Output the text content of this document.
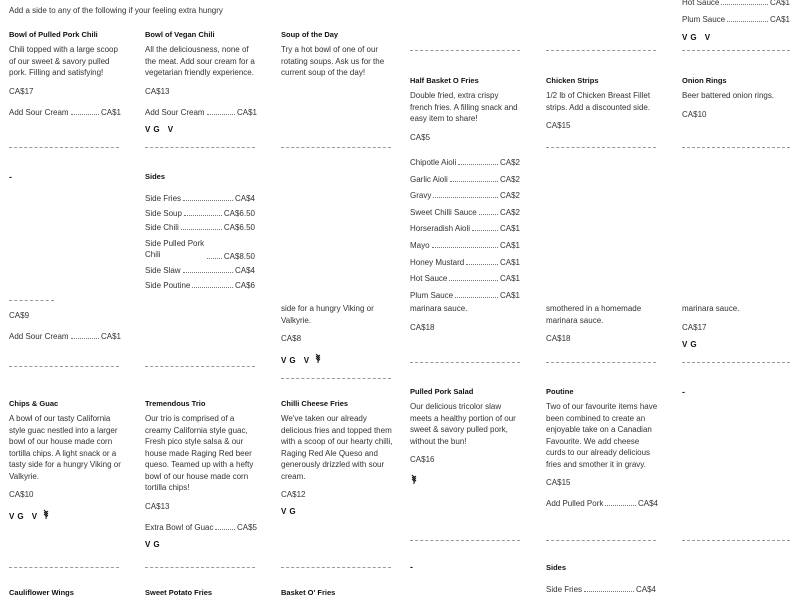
Add a side to any of the following if your feeling extra hungry
Hot Sauce	CA$1
Plum Sauce	CA$1
VG V
Bowl of Pulled Pork Chili
Chili topped with a large scoop of our sweet & savory pulled pork. Filling and satisfying!
CA$17
Add Sour Cream	CA$1
Bowl of Vegan Chili
All the deliciousness, none of the meat. Add sour cream for a vegetarian friendly experience.
CA$13
Add Sour Cream	CA$1
VG V
Soup of the Day
Try a hot bowl of one of our rotating soups. Ask us for the current soup of the day!
Half Basket O Fries
Double fried, extra crispy french fries. A filling snack and easy item to share!
CA$5
Chicken Strips
1/2 lb of Chicken Breast Fillet strips. Add a discounted side.
CA$15
Onion Rings
Beer battered onion rings.
CA$10
Chipotle Aioli	CA$2
Garlic Aioli	CA$2
Gravy	CA$2
Sweet Chilli Sauce	CA$2
Horseradish Aioli	CA$1
Mayo	CA$1
Honey Mustard	CA$1
Hot Sauce	CA$1
Plum Sauce	CA$1
-	Sides
Side Fries	CA$4
Side Soup	CA$6.50
Side Chili	CA$6.50
Side Pulled Pork Chili	CA$8.50
Side Slaw	CA$4
Side Poutine	CA$6
CA$9
Add Sour Cream	CA$1
side for a hungry Viking or Valkyrie.
CA$8
VG V
marinara sauce.
CA$18
smothered in a homemade marinara sauce.
CA$18
marinara sauce.
CA$17
VG
Chips & Guac
A bowl of our tasty California style guac nestled into a larger bowl of our house made corn tortilla chips. A light snack or a tasty side for a hungry Viking or Valkyrie.
CA$10
VG V
Tremendous Trio
Our trio is comprised of a creamy California style guac, Fresh pico style salsa & our house made Raging Red beer queso. Teamed up with a hefty bowl of our house made corn tortilla chips!
CA$13
Extra Bowl of Guac	CA$5
VG
Chilli Cheese Fries
We've taken our already delicious fries and topped them with a scoop of our hearty chilli, Raging Red Ale Queso and generously drizzled with sour cream.
CA$12
VG
Pulled Pork Salad
Our delicious tricolor slaw meets a healthy portion of our sweet & savory pulled pork, without the bun!
CA$16
Poutine
Two of our favourite items have been combined to create an enjoyable take on a Canadian Favourite. We add cheese curds to our already delicious fries and smother it in gravy.
CA$15
Add Pulled Pork	CA$4
-
-	Sides
Side Fries	CA$4
Cauliflower Wings	Sweet Potato Fries	Basket O' Fries
